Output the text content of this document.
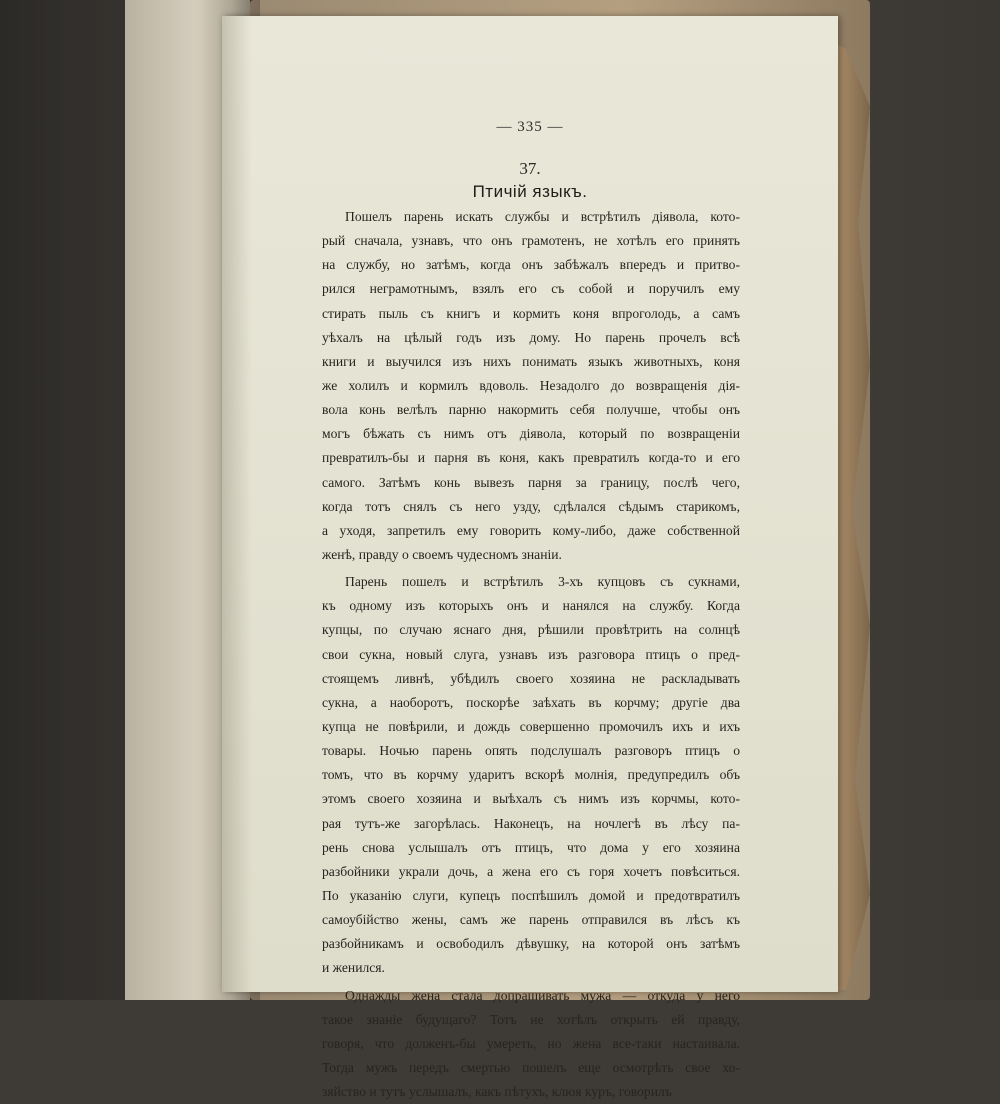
— 335 —
37.
Птичій языкъ.
Пошелъ парень искать службы и встрѣтилъ діявола, кото-
рый сначала, узнавъ, что онъ грамотенъ, не хотѣлъ его принять
на службу, но затѣмъ, когда онъ забѣжалъ впередъ и притво-
рился неграмотнымъ, взялъ его съ собой и поручилъ ему
стирать пыль съ книгъ и кормить коня впроголодь, а самъ
уѣхалъ на цѣлый годъ изъ дому. Но парень прочелъ всѣ
книги и выучился изъ нихъ понимать языкъ животныхъ, коня
же холилъ и кормилъ вдоволь. Незадолго до возвращенія дія-
вола конь велѣлъ парню накормить себя получше, чтобы онъ
могъ бѣжать съ нимъ отъ діявола, который по возвращеніи
превратилъ-бы и парня въ коня, какъ превратилъ когда-то и его
самого. Затѣмъ конь вывезъ парня за границу, послѣ чего,
когда тотъ снялъ съ него узду, сдѣлался сѣдымъ старикомъ,
а уходя, запретилъ ему говорить кому-либо, даже собственной
женѣ, правду о своемъ чудесномъ знаніи.
Парень пошелъ и встрѣтилъ 3-хъ купцовъ съ сукнами,
къ одному изъ которыхъ онъ и нанялся на службу. Когда
купцы, по случаю яснаго дня, рѣшили провѣтрить на солнцѣ
свои сукна, новый слуга, узнавъ изъ разговора птицъ о пред-
стоящемъ ливнѣ, убѣдилъ своего хозяина не раскладывать
сукна, а наоборотъ, поскорѣе заѣхать въ корчму; другіе два
купца не повѣрили, и дождь совершенно промочилъ ихъ и ихъ
товары. Ночью парень опять подслушалъ разговоръ птицъ о
томъ, что въ корчму ударитъ вскорѣ молнія, предупредилъ объ
этомъ своего хозяина и выѣхалъ съ нимъ изъ корчмы, кото-
рая тутъ-же загорѣлась. Наконецъ, на ночлегѣ въ лѣсу па-
рень снова услышалъ отъ птицъ, что дома у его хозяина
разбойники украли дочь, а жена его съ горя хочетъ повѣситься.
По указанію слуги, купецъ поспѣшилъ домой и предотвратилъ
самоубійство жены, самъ же парень отправился въ лѣсъ къ
разбойникамъ и освободилъ дѣвушку, на которой онъ затѣмъ
и женился.
Однажды жена стала допрашивать мужа — откуда у него
такое знаніе будущаго? Тотъ не хотѣлъ открыть ей правду,
говоря, что долженъ-бы умереть, но жена все-таки настаивала.
Тогда мужъ передъ смертью пошелъ еще осмотрѣть свое хо-
зяйство и тутъ услышалъ, какъ пѣтухъ, клюя куръ, говорилъ
